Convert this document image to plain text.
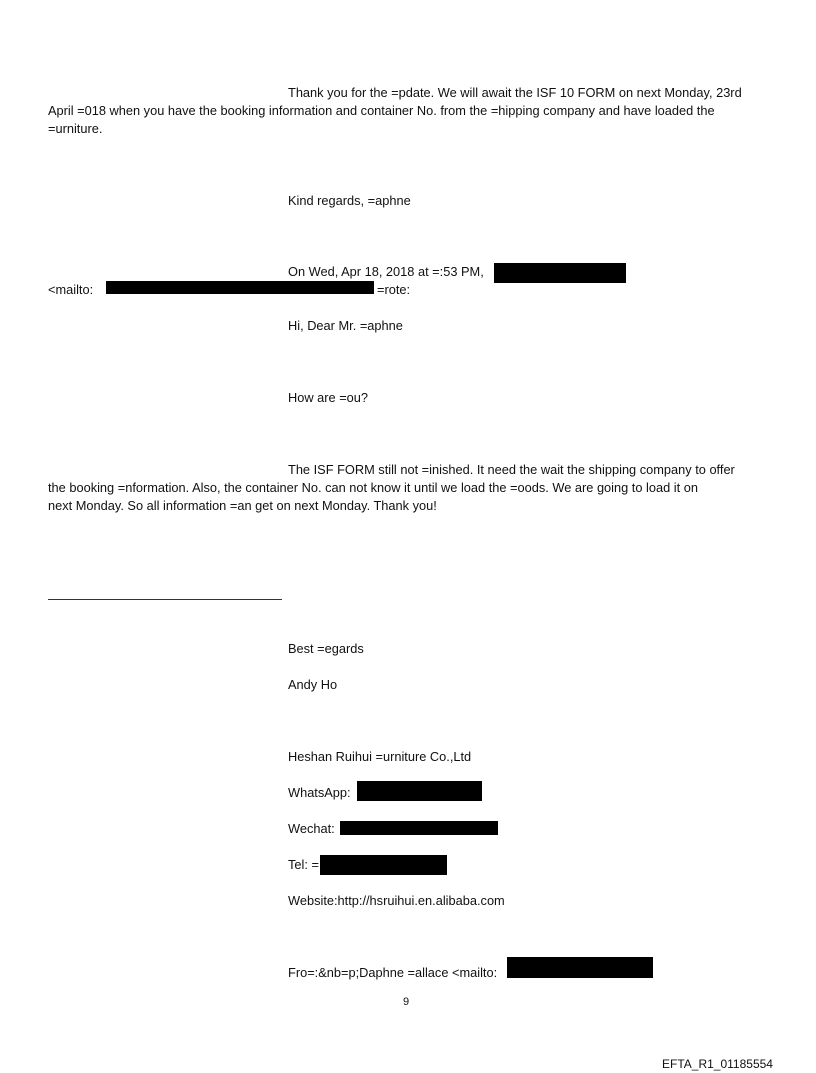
Thank you for the =pdate. We will await the ISF 10 FORM on next Monday, 23rd
April =018 when you have the booking information and container No. from the =hipping company and have loaded the
=urniture.
Kind regards, =aphne
On Wed, Apr 18, 2018 at =:53 PM,
<mailto:	=rote:
Hi, Dear Mr. =aphne
How are =ou?
The ISF FORM still not =inished. It need the wait the shipping company to offer
the booking =nformation. Also, the container No. can not know it until we load the =oods. We are going to load it on
next Monday. So all information =an get on next Monday. Thank you!
Best =egards
Andy Ho
Heshan Ruihui =urniture Co.,Ltd
WhatsApp:
Wechat:
Tel: =
Website:http://hsruihui.en.alibaba.com
Fro=:&nb=p;Daphne =allace <mailto:
9
EFTA_R1_01185554
